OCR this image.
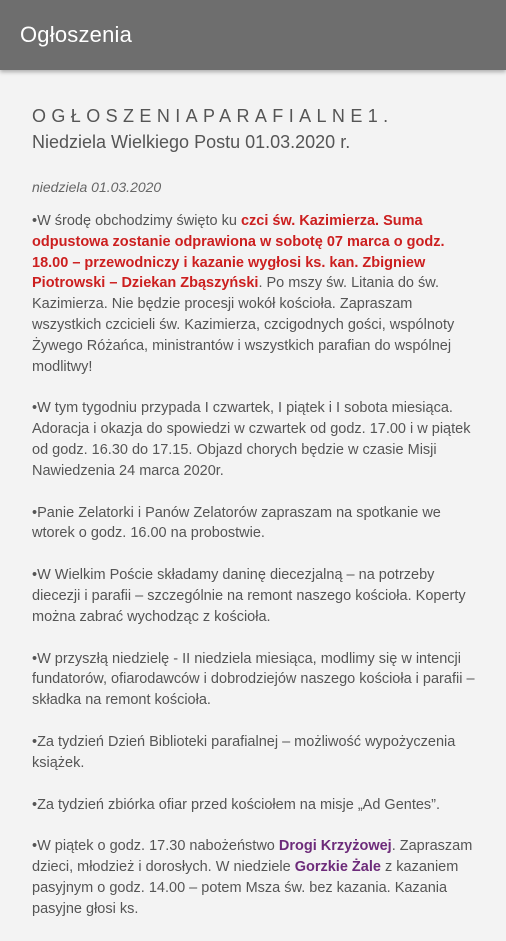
Ogłoszenia
OGŁOSZENIAPARAFIALNE1.
Niedziela Wielkiego Postu 01.03.2020 r.
niedziela 01.03.2020
•W środę obchodzimy święto ku czci św. Kazimierza. Suma odpustowa zostanie odprawiona w sobotę 07 marca o godz. 18.00 – przewodniczy i kazanie wygłosi ks. kan. Zbigniew Piotrowski – Dziekan Zbąszyński. Po mszy św. Litania do św. Kazimierza. Nie będzie procesji wokół kościoła. Zapraszam wszystkich czcicieli św. Kazimierza, czcigodnych gości, wspólnoty Żywego Różańca, ministrantów i wszystkich parafian do wspólnej modlitwy!
•W tym tygodniu przypada I czwartek, I piątek i I sobota miesiąca. Adoracja i okazja do spowiedzi w czwartek od godz. 17.00 i w piątek od godz. 16.30 do 17.15. Objazd chorych będzie w czasie Misji Nawiedzenia 24 marca 2020r.
•Panie Zelatorki i Panów Zelatorów zapraszam na spotkanie we wtorek o godz. 16.00 na probostwie.
•W Wielkim Poście składamy daninę diecezjalną – na potrzeby diecezji i parafii – szczególnie na remont naszego kościoła. Koperty można zabrać wychodząc z kościoła.
•W przyszłą niedzielę - II niedziela miesiąca, modlimy się w intencji fundatorów, ofiarodawców i dobrodziejów naszego kościoła i parafii – składka na remont kościoła.
•Za tydzień Dzień Biblioteki parafialnej – możliwość wypożyczenia książek.
•Za tydzień zbiórka ofiar przed kościołem na misje „Ad Gentes”.
•W piątek o godz. 17.30 nabożeństwo Drogi Krzyżowej. Zapraszam dzieci, młodzież i dorosłych. W niedziele Gorzkie Żale z kazaniem pasyjnym o godz. 14.00 – potem Msza św. bez kazania. Kazania pasyjne głosi ks.
